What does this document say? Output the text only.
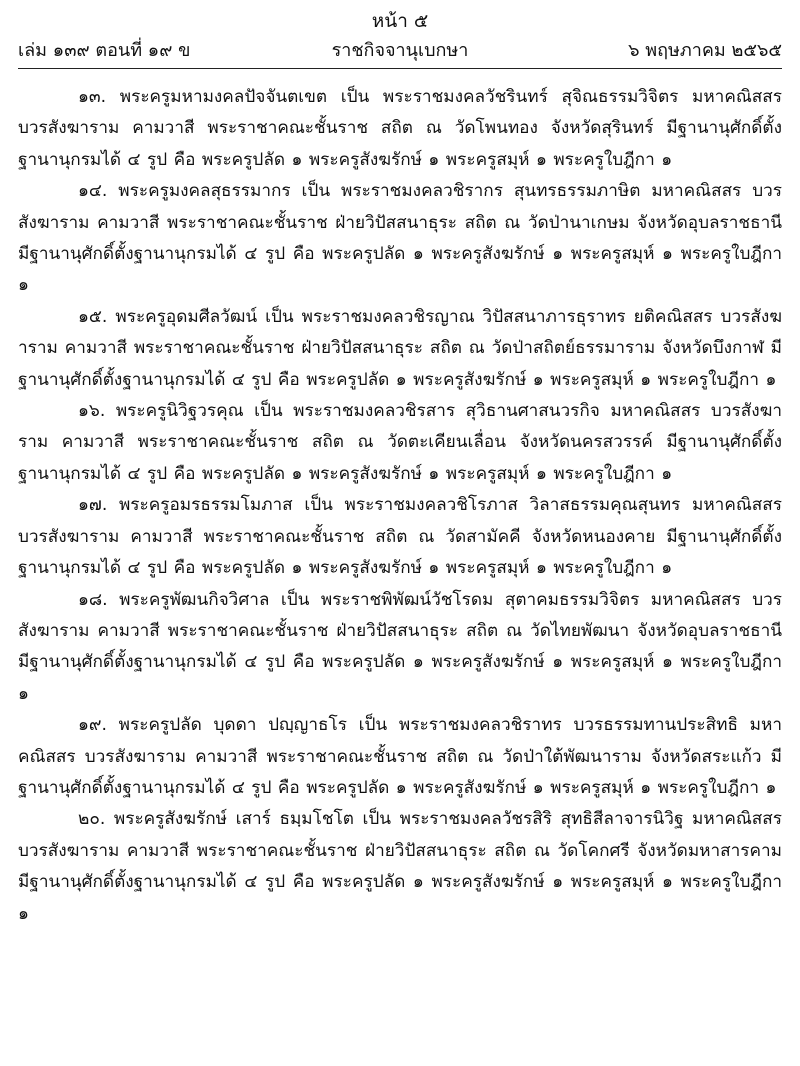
หน้า ๕
ราชกิจจานุเบกษา
เล่ม ๑๓๙ ตอนที่ ๑๙ ข	๖ พฤษภาคม ๒๕๖๕

๑๓. พระครูมหามงคลปัจจันตเขต เป็น พระราชมงคลวัชรินทร์ สุจิณธรรมวิจิตร มหาคณิสสร บวรสังฆาราม คามวาสี พระราชาคณะชั้นราช สถิต ณ วัดโพนทอง จังหวัดสุรินทร์ มีฐานานุศักดิ์ตั้งฐานานุกรมได้ ๔ รูป คือ พระครูปลัด ๑ พระครูสังฆรักษ์ ๑ พระครูสมุห์ ๑ พระครูใบฎีกา ๑

๑๔. พระครูมงคลสุธรรมากร เป็น พระราชมงคลวชิรากร สุนทรธรรมภาษิต มหาคณิสสร บวรสังฆาราม คามวาสี พระราชาคณะชั้นราช ฝ่ายวิปัสสนาธุระ สถิต ณ วัดป่านาเกษม จังหวัดอุบลราชธานี มีฐานานุศักดิ์ตั้งฐานานุกรมได้ ๔ รูป คือ พระครูปลัด ๑ พระครูสังฆรักษ์ ๑ พระครูสมุห์ ๑ พระครูใบฎีกา ๑

๑๕. พระครูอุดมศีลวัฒน์ เป็น พระราชมงคลวชิรญาณ วิปัสสนาภารธุราทร ยติคณิสสร บวรสังฆาราม คามวาสี พระราชาคณะชั้นราช ฝ่ายวิปัสสนาธุระ สถิต ณ วัดป่าสถิตย์ธรรมาราม จังหวัดบึงกาฬ มีฐานานุศักดิ์ตั้งฐานานุกรมได้ ๔ รูป คือ พระครูปลัด ๑ พระครูสังฆรักษ์ ๑ พระครูสมุห์ ๑ พระครูใบฎีกา ๑

๑๖. พระครูนิวิฐวรคุณ เป็น พระราชมงคลวชิรสาร สุวิธานศาสนวรกิจ มหาคณิสสร บวรสังฆาราม คามวาสี พระราชาคณะชั้นราช สถิต ณ วัดตะเคียนเลื่อน จังหวัดนครสวรรค์ มีฐานานุศักดิ์ตั้งฐานานุกรมได้ ๔ รูป คือ พระครูปลัด ๑ พระครูสังฆรักษ์ ๑ พระครูสมุห์ ๑ พระครูใบฎีกา ๑

๑๗. พระครูอมรธรรมโมภาส เป็น พระราชมงคลวชิโรภาส วิลาสธรรมคุณสุนทร มหาคณิสสร บวรสังฆาราม คามวาสี พระราชาคณะชั้นราช สถิต ณ วัดสามัคคี จังหวัดหนองคาย มีฐานานุศักดิ์ตั้งฐานานุกรมได้ ๔ รูป คือ พระครูปลัด ๑ พระครูสังฆรักษ์ ๑ พระครูสมุห์ ๑ พระครูใบฎีกา ๑

๑๘. พระครูพัฒนกิจวิศาล เป็น พระราชพิพัฒน์วัชโรดม สุตาคมธรรมวิจิตร มหาคณิสสร บวรสังฆาราม คามวาสี พระราชาคณะชั้นราช ฝ่ายวิปัสสนาธุระ สถิต ณ วัดไทยพัฒนา จังหวัดอุบลราชธานี มีฐานานุศักดิ์ตั้งฐานานุกรมได้ ๔ รูป คือ พระครูปลัด ๑ พระครูสังฆรักษ์ ๑ พระครูสมุห์ ๑ พระครูใบฎีกา ๑

๑๙. พระครูปลัด บุดดา ปญฺญาธโร เป็น พระราชมงคลวชิราทร บวรธรรมทานประสิทธิ มหาคณิสสร บวรสังฆาราม คามวาสี พระราชาคณะชั้นราช สถิต ณ วัดป่าใต้พัฒนาราม จังหวัดสระแก้ว มีฐานานุศักดิ์ตั้งฐานานุกรมได้ ๔ รูป คือ พระครูปลัด ๑ พระครูสังฆรักษ์ ๑ พระครูสมุห์ ๑ พระครูใบฎีกา ๑

๒๐. พระครูสังฆรักษ์ เสาร์ ธมฺมโชโต เป็น พระราชมงคลวัชรสิริ สุทธิสีลาจารนิวิฐ มหาคณิสสร บวรสังฆาราม คามวาสี พระราชาคณะชั้นราช ฝ่ายวิปัสสนาธุระ สถิต ณ วัดโคกศรี จังหวัดมหาสารคาม มีฐานานุศักดิ์ตั้งฐานานุกรมได้ ๔ รูป คือ พระครูปลัด ๑ พระครูสังฆรักษ์ ๑ พระครูสมุห์ ๑ พระครูใบฎีกา ๑
